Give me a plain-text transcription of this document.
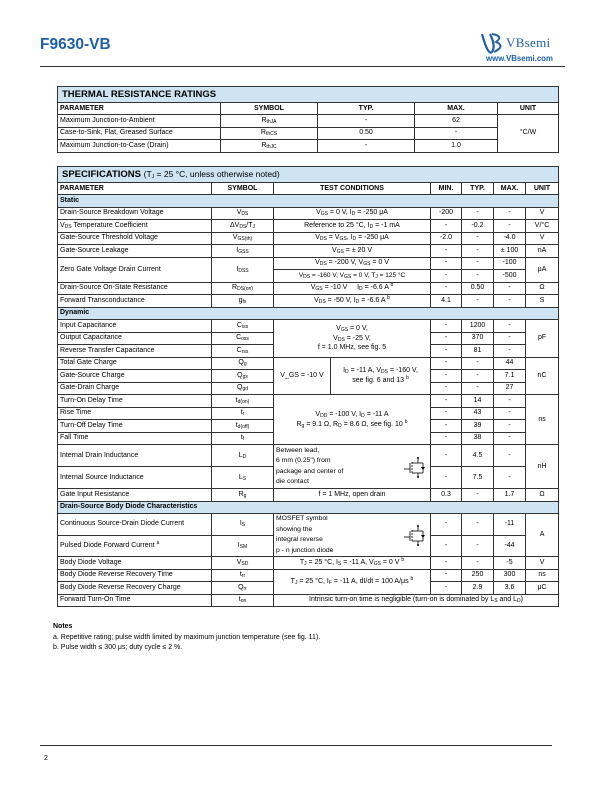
F9630-VB	VBsemi
www.VBsemi.com
THERMAL RESISTANCE RATINGS				
PARAMETER	SYMBOL	TYP.	MAX.	UNIT
Maximum Junction-to-Ambient	$R_{thJA}$	-	62	°C/W
Case-to-Sink, Flat, Greased Surface	$R_{thCS}$	0.50	-	
Maximum Junction-to-Case (Drain)	$R_{thJC}$	-	1.0	
SPECIFICATIONS ($T_J = 25$ °C, unless otherwise noted)						
PARAMETER	SYMBOL	TEST CONDITIONS	MIN.	TYP.	MAX.	UNIT
Static						
Drain-Source Breakdown Voltage	$V_{DS}$	$V_{GS} = 0$ V, $I_D = -250$ μA	-200	-	-	V
$V_{DS}$ Temperature Coefficient	$\Delta V_{DS}/T_J$	Reference to 25 °C, $I_D = -1$ mA	-	-0.2	-	V/°C
Gate-Source Threshold Voltage	$V_{GS(th)}$	$V_{DS} = V_{GS}$, $I_D = -250$ μA	-2.0	-	-4.0	V
Gate-Source Leakage	$I_{GSS}$	$V_{GS}$ = ± 20 V	-	-	± 100	nA
Zero Gate Voltage Drain Current	$I_{DSS}$	$V_{DS} = -200$ V, $V_{GS} = 0$ V	-	-	-100	μA
		$V_{DS} = -160$ V, $V_{GS} = 0$ V, $T_J = 125$ °C	-	-	-500	
Drain-Source On-State Resistance	$R_{DS(on)}$	$V_{GS} = -10$ V $I_D = -6.6$ A $^b$	-	0.50	-	Ω
Forward Transconductance	$g_{fs}$	$V_{DS} = -50$ V, $I_D = -6.6$ A $^b$	4.1	-	-	S
Dynamic						
Input Capacitance	$C_{iss}$	$V_{GS} = 0$ V,
$V_{DS} = -25$ V,
f = 1.0 MHz, see fig. 5	-	1200	-	pF
Output Capacitance	$C_{oss}$		-	370	-	
Reverse Transfer Capacitance	$C_{rss}$		-	81	-	
Total Gate Charge	$Q_g$	V_GS = -10 V
$I_D = -11$ A, $V_{DS} = -160$ V,
see fig. 6 and 13 $^b$	-	-	44	nC
Gate-Source Charge	$Q_{gs}$		-	-	7.1	
Gate-Drain Charge	$Q_{gd}$		-	-	27	
Turn-On Delay Time	$t_{d(on)}$	$V_{DD} = -100$ V, $I_D = -11$ A
$R_g = 9.1$ Ω, $R_D = 8.6$ Ω, see fig. 10 $^b$	-	14	-	ns
Rise Time	$t_r$		-	43	-	
Turn-Off Delay Time	$t_{d(off)}$		-	39	-	
Fall Time	$t_f$		-	38	-	
Internal Drain Inductance	$L_D$	Between lead,
6 mm (0.25") from
package and center of
die contact	-	4.5	-	nH
Internal Source Inductance	$L_S$		-	7.5	-	
Gate Input Resistance	$R_g$	f = 1 MHz, open drain	0.3	-	1.7	Ω
Drain-Source Body Diode Characteristics						
Continuous Source-Drain Diode Current	$I_S$	MOSFET symbol
showing the
integral reverse
p - n junction diode	-	-	-11	A
Pulsed Diode Forward Current $^a$	$I_{SM}$		-	-	-44	
Body Diode Voltage	$V_{SD}$	$T_J = 25$ °C, $I_S = -11$ A, $V_{GS} = 0$ V $^b$	-	-	-5	V
Body Diode Reverse Recovery Time	$t_{rr}$	$T_J = 25$ °C, $I_F = -11$ A, dI/dt = 100 A/μs $^b$	-	250	300	ns
Body Diode Reverse Recovery Charge	$Q_{rr}$		-	2.9	3.6	μC
Forward Turn-On Time	$t_{on}$	Intrinsic turn-on time is negligible (turn-on is dominated by $L_S$ and $L_D$)				
Notes
a. Repetitive rating; pulse width limited by maximum junction temperature (see fig. 11).
b. Pulse width ≤ 300 μs; duty cycle ≤ 2 %.
2
